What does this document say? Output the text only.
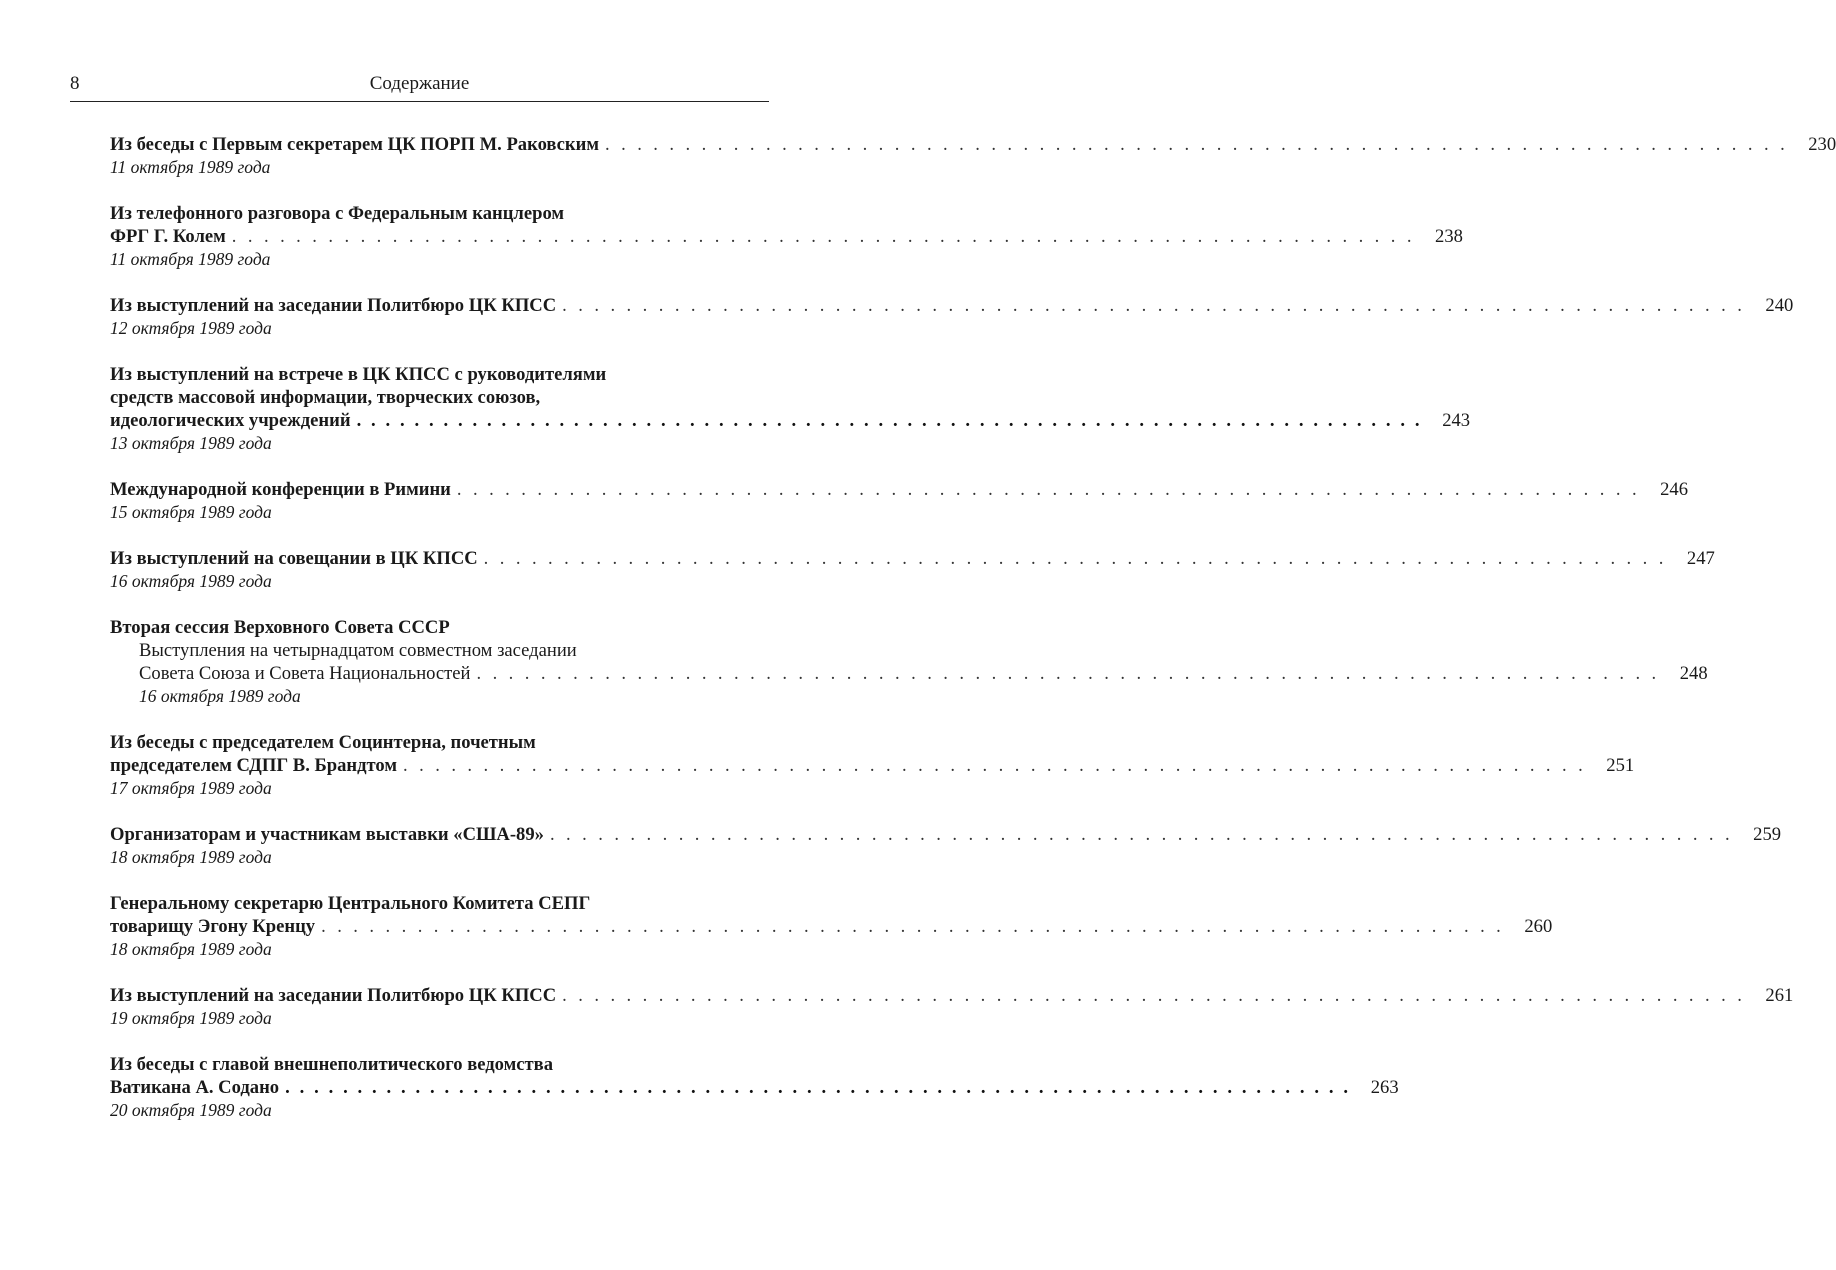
8	Содержание
Из беседы с Первым секретарем ЦК ПОРП М. Раковским . . . . . . . . . . . . . . . . . . . . . . . . . . . . . . . . . . . . . . . . . . . . . . . . . . . . . . . . . . . . . . . . . . . . . . . . . . 230
11 октября 1989 года
Из телефонного разговора с Федеральным канцлером
ФРГ Г. Колем . . . . . . . . . . . . . . . . . . . . . . . . . . . . . . . . . . . . . . . . . . . . . . . . . . . . . . . . . . . . . . . . . . . . . . . . . . 238
11 октября 1989 года
Из выступлений на заседании Политбюро ЦК КПСС . . . . . . . . . . . . . . . . . . . . . . . . . . . . . . . . . . . . . . . . . . . . . . . . . . . . . . . . . . . . . . . . . . . . . . . . . . 240
12 октября 1989 года
Из выступлений на встрече в ЦК КПСС с руководителями
средств массовой информации, творческих союзов,
идеологических учреждений . . . . . . . . . . . . . . . . . . . . . . . . . . . . . . . . . . . . . . . . . . . . . . . . . . . . . . . . . . . . . . . . . . . . . . . . . . 243
13 октября 1989 года
Международной конференции в Римини . . . . . . . . . . . . . . . . . . . . . . . . . . . . . . . . . . . . . . . . . . . . . . . . . . . . . . . . . . . . . . . . . . . . . . . . . . 246
15 октября 1989 года
Из выступлений на совещании в ЦК КПСС . . . . . . . . . . . . . . . . . . . . . . . . . . . . . . . . . . . . . . . . . . . . . . . . . . . . . . . . . . . . . . . . . . . . . . . . . . 247
16 октября 1989 года
Вторая сессия Верховного Совета СССР
Выступления на четырнадцатом совместном заседании
Совета Союза и Совета Национальностей . . . . . . . . . . . . . . . . . . . . . . . . . . . . . . . . . . . . . . . . . . . . . . . . . . . . . . . . . . . . . . . . . . . . . . . . . . 248
16 октября 1989 года
Из беседы с председателем Социнтерна, почетным
председателем СДПГ В. Брандтом . . . . . . . . . . . . . . . . . . . . . . . . . . . . . . . . . . . . . . . . . . . . . . . . . . . . . . . . . . . . . . . . . . . . . . . . . . 251
17 октября 1989 года
Организаторам и участникам выставки «США-89» . . . . . . . . . . . . . . . . . . . . . . . . . . . . . . . . . . . . . . . . . . . . . . . . . . . . . . . . . . . . . . . . . . . . . . . . . . 259
18 октября 1989 года
Генеральному секретарю Центрального Комитета СЕПГ
товарищу Эгону Кренцу . . . . . . . . . . . . . . . . . . . . . . . . . . . . . . . . . . . . . . . . . . . . . . . . . . . . . . . . . . . . . . . . . . . . . . . . . . 260
18 октября 1989 года
Из выступлений на заседании Политбюро ЦК КПСС . . . . . . . . . . . . . . . . . . . . . . . . . . . . . . . . . . . . . . . . . . . . . . . . . . . . . . . . . . . . . . . . . . . . . . . . . . 261
19 октября 1989 года
Из беседы с главой внешнеполитического ведомства
Ватикана А. Содано . . . . . . . . . . . . . . . . . . . . . . . . . . . . . . . . . . . . . . . . . . . . . . . . . . . . . . . . . . . . . . . . . . . . . . . . . . 263
20 октября 1989 года
